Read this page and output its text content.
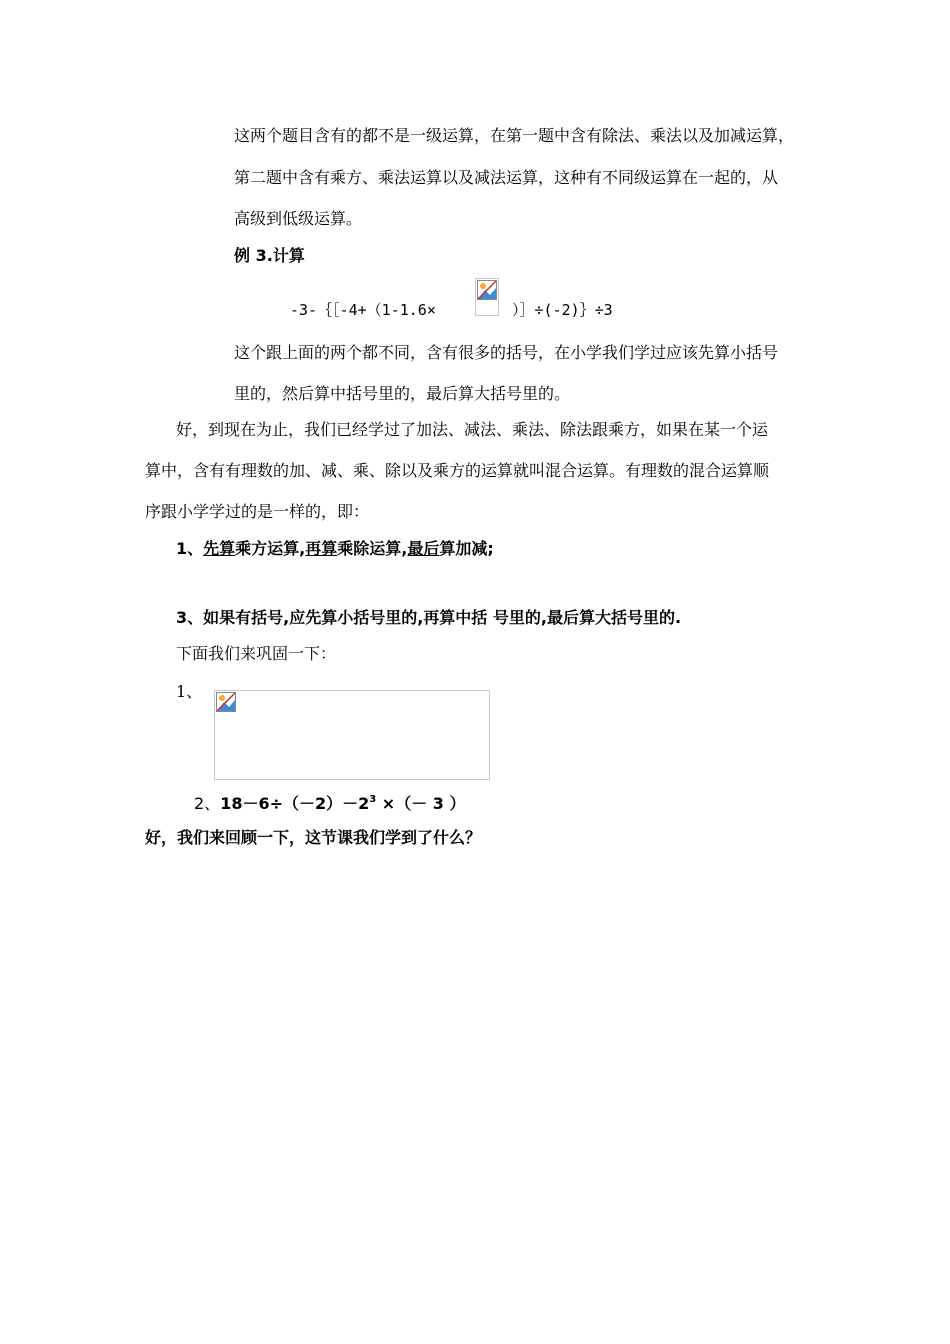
这两个题目含有的都不是一级运算，在第一题中含有除法、乘法以及加减运算，
第二题中含有乘方、乘法运算以及减法运算，这种有不同级运算在一起的，从
高级到低级运算。
例 3.计算
-3-｛［-4+（1-1.6×	）］÷(-2)｝÷3
这个跟上面的两个都不同，含有很多的括号，在小学我们学过应该先算小括号
里的，然后算中括号里的，最后算大括号里的。
好，到现在为止，我们已经学过了加法、减法、乘法、除法跟乘方，如果在某一个运
算中，含有有理数的加、减、乘、除以及乘方的运算就叫混合运算。有理数的混合运算顺
序跟小学学过的是一样的，即：
1、先算乘方运算,再算乘除运算,最后算加减;
3、如果有括号,应先算小括号里的,再算中括 号里的,最后算大括号里的.
下面我们来巩固一下：
1、
2、$18-6\div(-2)-2^3$ ×（－ 3 ）
好，我们来回顾一下，这节课我们学到了什么？
